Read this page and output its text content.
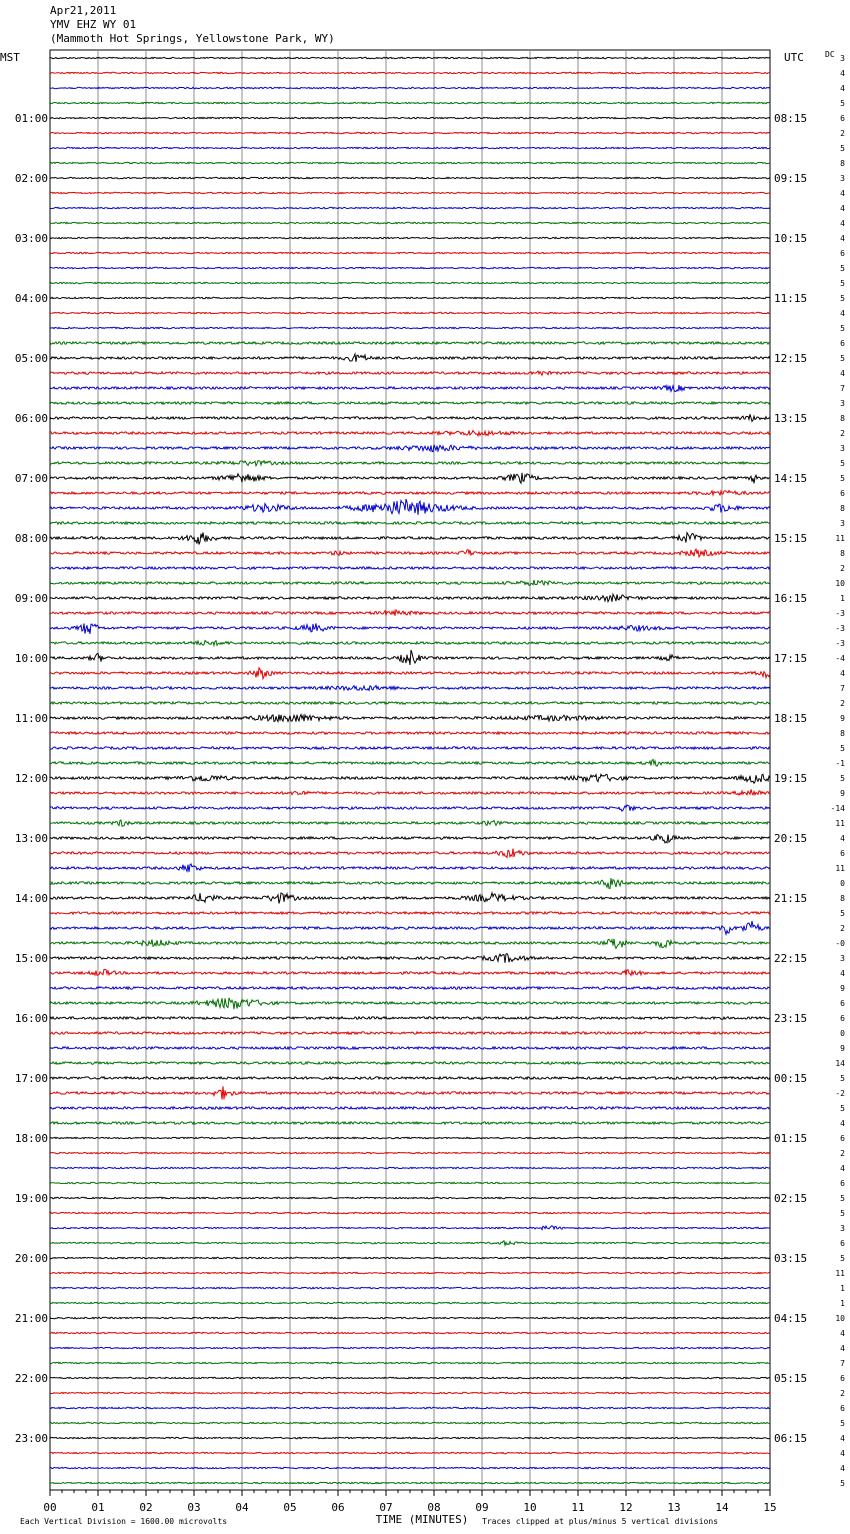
3
4
4
5
6
2
5
8
3
4
4
4
4
6
5
5
5
4
5
6
5
4
7
3
8
2
3
5
5
6
8
3
11
8
2
10
1
-3
-3
-3
-4
4
7
2
9
8
5
-1
5
9
-14
11
4
6
11
0
8
5
2
-0
3
4
9
6
6
0
9
14
5
-2
5
4
6
2
4
6
5
5
3
6
5
11
1
1
10
4
4
7
6
2
6
5
4
4
4
5
MST	UTC	DC
01:00
02:00
03:00
04:00
05:00
06:00
07:00
08:00
09:00
10:00
11:00
12:00
13:00
14:00
15:00
16:00
17:00
18:00
19:00
20:00
21:00
22:00
23:00
08:15
09:15
10:15
11:15
12:15
13:15
14:15
15:15
16:15
17:15
18:15
19:15
20:15
21:15
22:15
23:15
00:15
01:15
02:15
03:15
04:15
05:15
06:15
00	01	02	03	04	05	06	07	08	09	10	11	12	13	14	15
TIME (MINUTES)
Each Vertical Division = 1600.00 microvolts	Traces clipped at plus/minus 5 vertical divisions
Apr21,2011
YMV EHZ WY 01
(Mammoth Hot Springs, Yellowstone Park, WY)
